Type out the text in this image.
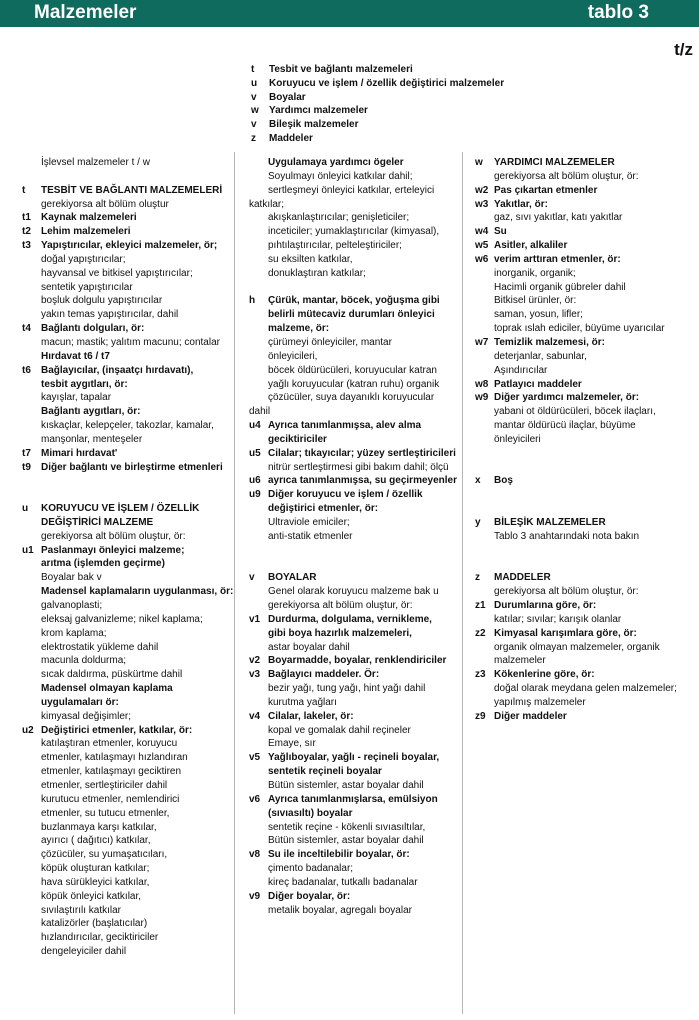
Malzemeler	tablo 3
t/z
t Tesbit ve bağlantı malzemeleri
u Koruyucu ve işlem / özellik değiştirici malzemeler
v Boyalar
w Yardımcı malzemeler
v Bileşik malzemeler
z Maddeler
İşlevsel malzemeler t / w
t TESBİT VE BAĞLANTI MALZEMELERİ
gerekiyorsa alt bölüm oluştur
t1 Kaynak malzemeleri
t2 Lehim malzemeleri
t3 Yapıştırıcılar, ekleyici malzemeler, ör;
doğal yapıştırıcılar;
hayvansal ve bitkisel yapıştırıcılar;
sentetik yapıştırıcılar
boşluk dolgulu yapıştırıcılar
yakın temas yapıştırıcılar, dahil
t4 Bağlantı dolguları, ör:
macun; mastik; yalıtım macunu; contalar
Hırdavat t6 / t7
t6 Bağlayıcılar, (inşaatçı hırdavatı),
tesbit aygıtları, ör:
kayışlar, tapalar
Bağlantı aygıtları, ör:
kıskaçlar, kelepçeler, takozlar, kamalar,
manşonlar, menteşeler
t7 Mimari hırdavat'
t9 Diğer bağlantı ve birleştirme etmenleri
u KORUYUCU VE İŞLEM / ÖZELLİK
DEĞİŞTİRİCİ MALZEME
gerekiyorsa alt bölüm oluştur, ör:
u1 Paslanmayı önleyici malzeme;
arıtma (işlemden geçirme)
Boyalar bak v
Madensel kaplamaların uygulanması, ör:
galvanoplasti;
eleksaj galvanizleme; nikel kaplama;
krom kaplama;
elektrostatik yükleme dahil
macunla doldurma;
sıcak daldırma, püskürtme dahil
Madensel olmayan kaplama
uygulamaları ör:
kimyasal değişimler;
u2 Değiştirici etmenler, katkılar, ör:
katılaştıran etmenler, koruyucu
etmenler, katılaşmayı hızlandıran
etmenler, katılaşmayı geciktiren
etmenler, sertleştiriciler dahil
kurutucu etmenler, nemlendirici
etmenler, su tutucu etmenler,
buzlanmaya karşı katkılar,
ayırıcı ( dağıtıcı) katkılar,
çözücüler, su yumaşatıcıları,
köpük oluşturan katkılar;
hava sürükleyici katkılar,
köpük önleyici katkılar,
sıvılaştırılı katkılar
katalizörler (başlatıcılar)
hızlandırıcılar, geciktiriciler
dengeleyiciler dahil
Uygulamaya yardımcı ögeler
Soyulmayı önleyici katkılar dahil;
sertleşmeyi önleyici katkılar, erteleyici
katkılar;
akışkanlaştırıcılar; genişleticiler;
inceticiler; yumaklaştırıcılar (kimyasal),
pıhtılaştırıcılar, pelteleştiriciler;
su eksilten katkılar,
donuklaştıran katkılar;
h Çürük, mantar, böcek, yoğuşma gibi
belirli mütecaviz durumları önleyici
malzeme, ör:
çürümeyi önleyiciler, mantar
önleyicileri,
böcek öldürücüleri, koruyucular katran
yağlı koruyucular (katran ruhu) organik
çözücüler, suya dayanıklı koruyucular
dahil
u4 Ayrıca tanımlanmışsa, alev alma
geciktiriciler
u5 Cilalar; tıkayıcılar; yüzey sertleştiricileri
nitrür sertleştirmesi gibi bakım dahil; ölçü
u6 ayrıca tanımlanmışsa, su geçirmeyenler
u9 Diğer koruyucu ve işlem / özellik
değiştirici etmenler, ör:
Ultraviole emiciler;
anti-statik etmenler
v BOYALAR
Genel olarak koruyucu malzeme bak u
gerekiyorsa alt bölüm oluştur, ör:
v1 Durdurma, dolgulama, vernikleme,
gibi boya hazırlık malzemeleri,
astar boyalar dahil
v2 Boyarmadde, boyalar, renklendiriciler
v3 Bağlayıcı maddeler. Ör:
bezir yağı, tung yağı, hint yağı dahil
kurutma yağları
v4 Cilalar, lakeler, ör:
kopal ve gomalak dahil reçineler
Emaye, sır
v5 Yağlıboyalar, yağlı - reçineli boyalar,
sentetik reçineli boyalar
Bütün sistemler, astar boyalar dahil
v6 Ayrıca tanımlanmışlarsa, emülsiyon
(sıvıasıltı) boyalar
sentetik reçine - kökenli sıvıasıltılar,
Bütün sistemler, astar boyalar dahil
v8 Su ile inceltilebilir boyalar, ör:
çimento badanalar;
kireç badanalar, tutkallı badanalar
v9 Diğer boyalar, ör:
metalik boyalar, agregalı boyalar
w YARDIMCI MALZEMELER
gerekiyorsa alt bölüm oluştur, ör:
w2 Pas çıkartan etmenler
w3 Yakıtlar, ör:
gaz, sıvı yakıtlar, katı yakıtlar
w4 Su
w5 Asitler, alkaliler
w6 verim arttıran etmenler, ör:
inorganik, organik;
Hacimli organik gübreler dahil
Bitkisel ürünler, ör:
saman, yosun, lifler;
toprak ıslah ediciler, büyüme uyarıcılar
w7 Temizlik malzemesi, ör:
deterjanlar, sabunlar,
Aşındırıcılar
w8 Patlayıcı maddeler
w9 Diğer yardımcı malzemeler, ör:
yabani ot öldürücüleri, böcek ilaçları,
mantar öldürücü ilaçlar, büyüme
önleyicileri
x Boş
y BİLEŞİK MALZEMELER
Tablo 3 anahtarındaki nota bakın
z MADDELER
gerekiyorsa alt bölüm oluştur, ör:
z1 Durumlarına göre, ör:
katılar; sıvılar; karışık olanlar
z2 Kimyasal karışımlara göre, ör:
organik olmayan malzemeler, organik
malzemeler
z3 Kökenlerine göre, ör:
doğal olarak meydana gelen malzemeler;
yapılmış malzemeler
z9 Diğer maddeler
